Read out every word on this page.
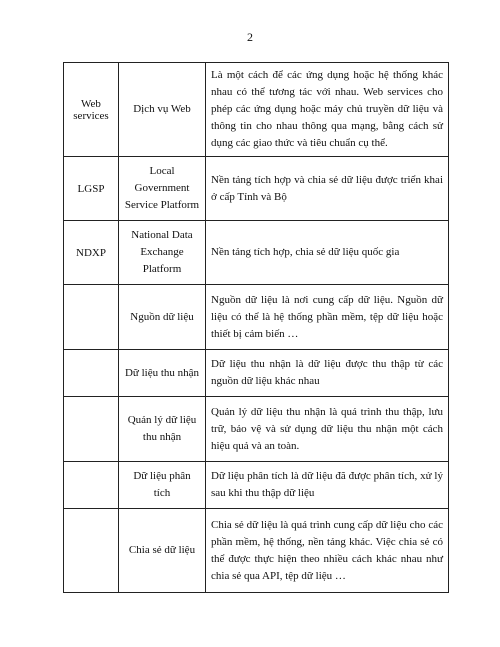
2
Web services	Dịch vụ Web	Là một cách để các ứng dụng hoặc hệ thống khác nhau có thể tương tác với nhau. Web services cho phép các ứng dụng hoặc máy chủ truyền dữ liệu và thông tin cho nhau thông qua mạng, bằng cách sử dụng các giao thức và tiêu chuẩn cụ thể.
LGSP	Local Government Service Platform	Nền tảng tích hợp và chia sẻ dữ liệu được triển khai ở cấp Tỉnh và Bộ
NDXP	National Data Exchange Platform	Nền tảng tích hợp, chia sẻ dữ liệu quốc gia
	Nguồn dữ liệu	Nguồn dữ liệu là nơi cung cấp dữ liệu. Nguồn dữ liệu có thể là hệ thống phần mềm, tệp dữ liệu hoặc thiết bị cảm biến …
	Dữ liệu thu nhận	Dữ liệu thu nhận là dữ liệu được thu thập từ các nguồn dữ liệu khác nhau
	Quản lý dữ liệu thu nhận	Quản lý dữ liệu thu nhận là quá trình thu thập, lưu trữ, bảo vệ và sử dụng dữ liệu thu nhận một cách hiệu quả và an toàn.
	Dữ liệu phân tích	Dữ liệu phân tích là dữ liệu đã được phân tích, xử lý sau khi thu thập dữ liệu
	Chia sẻ dữ liệu	Chia sẻ dữ liệu là quá trình cung cấp dữ liệu cho các phần mềm, hệ thống, nền tảng khác. Việc chia sẻ có thể được thực hiện theo nhiều cách khác nhau như chia sẻ qua API, tệp dữ liệu …
